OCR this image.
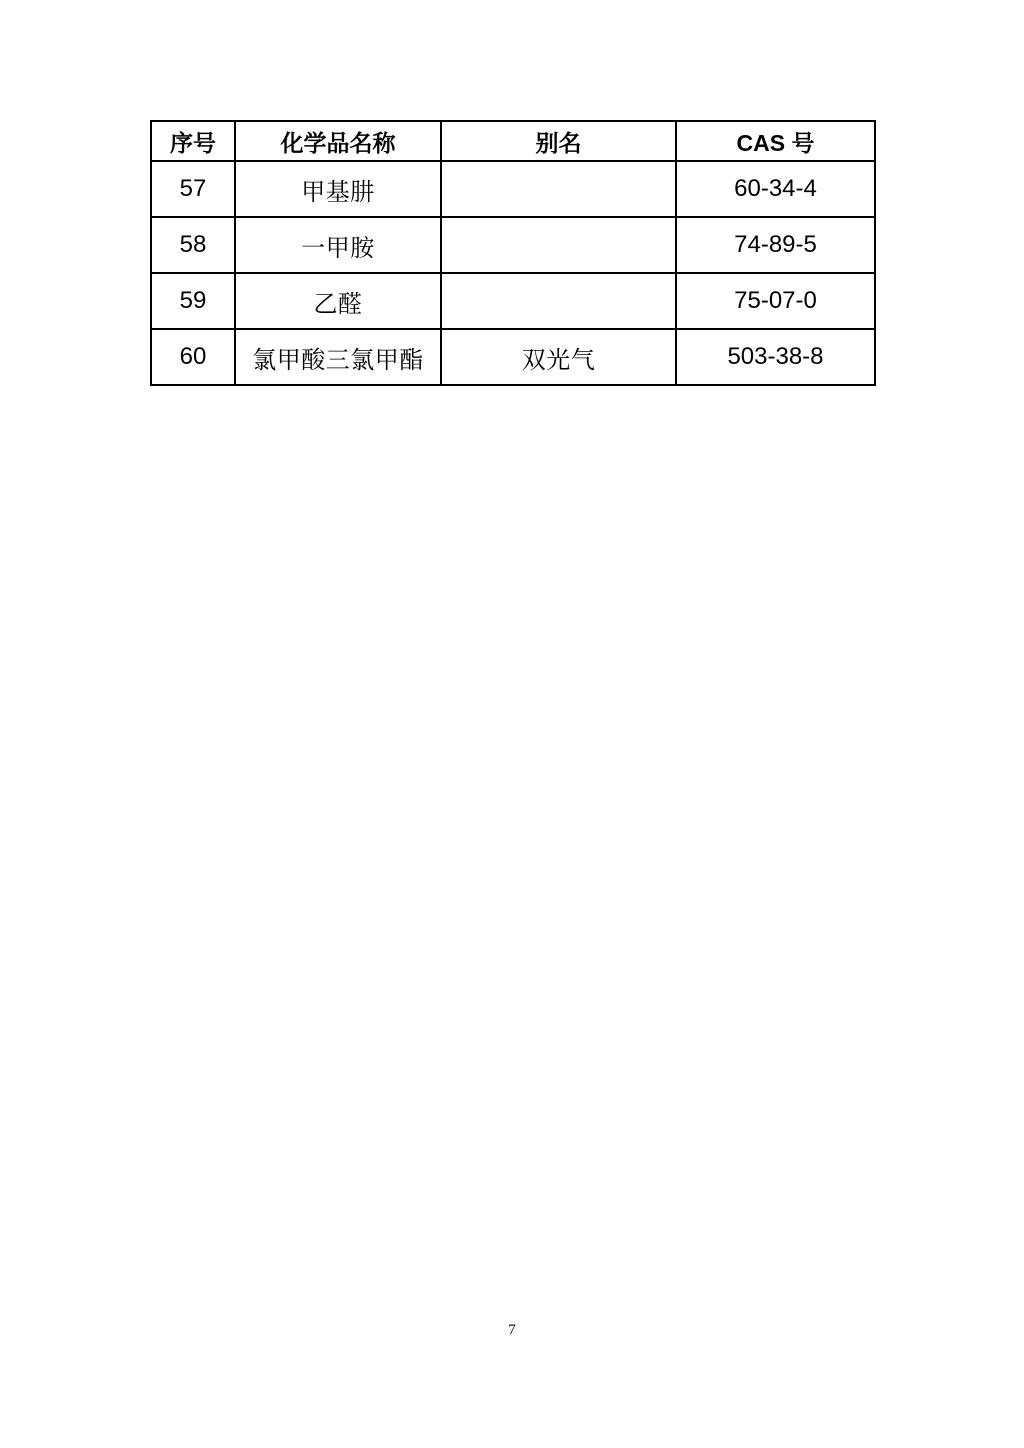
序号	化学品名称	别名	CAS 号
57	甲基肼		60-34-4
58	一甲胺		74-89-5
59	乙醛		75-07-0
60	氯甲酸三氯甲酯	双光气	503-38-8
7
